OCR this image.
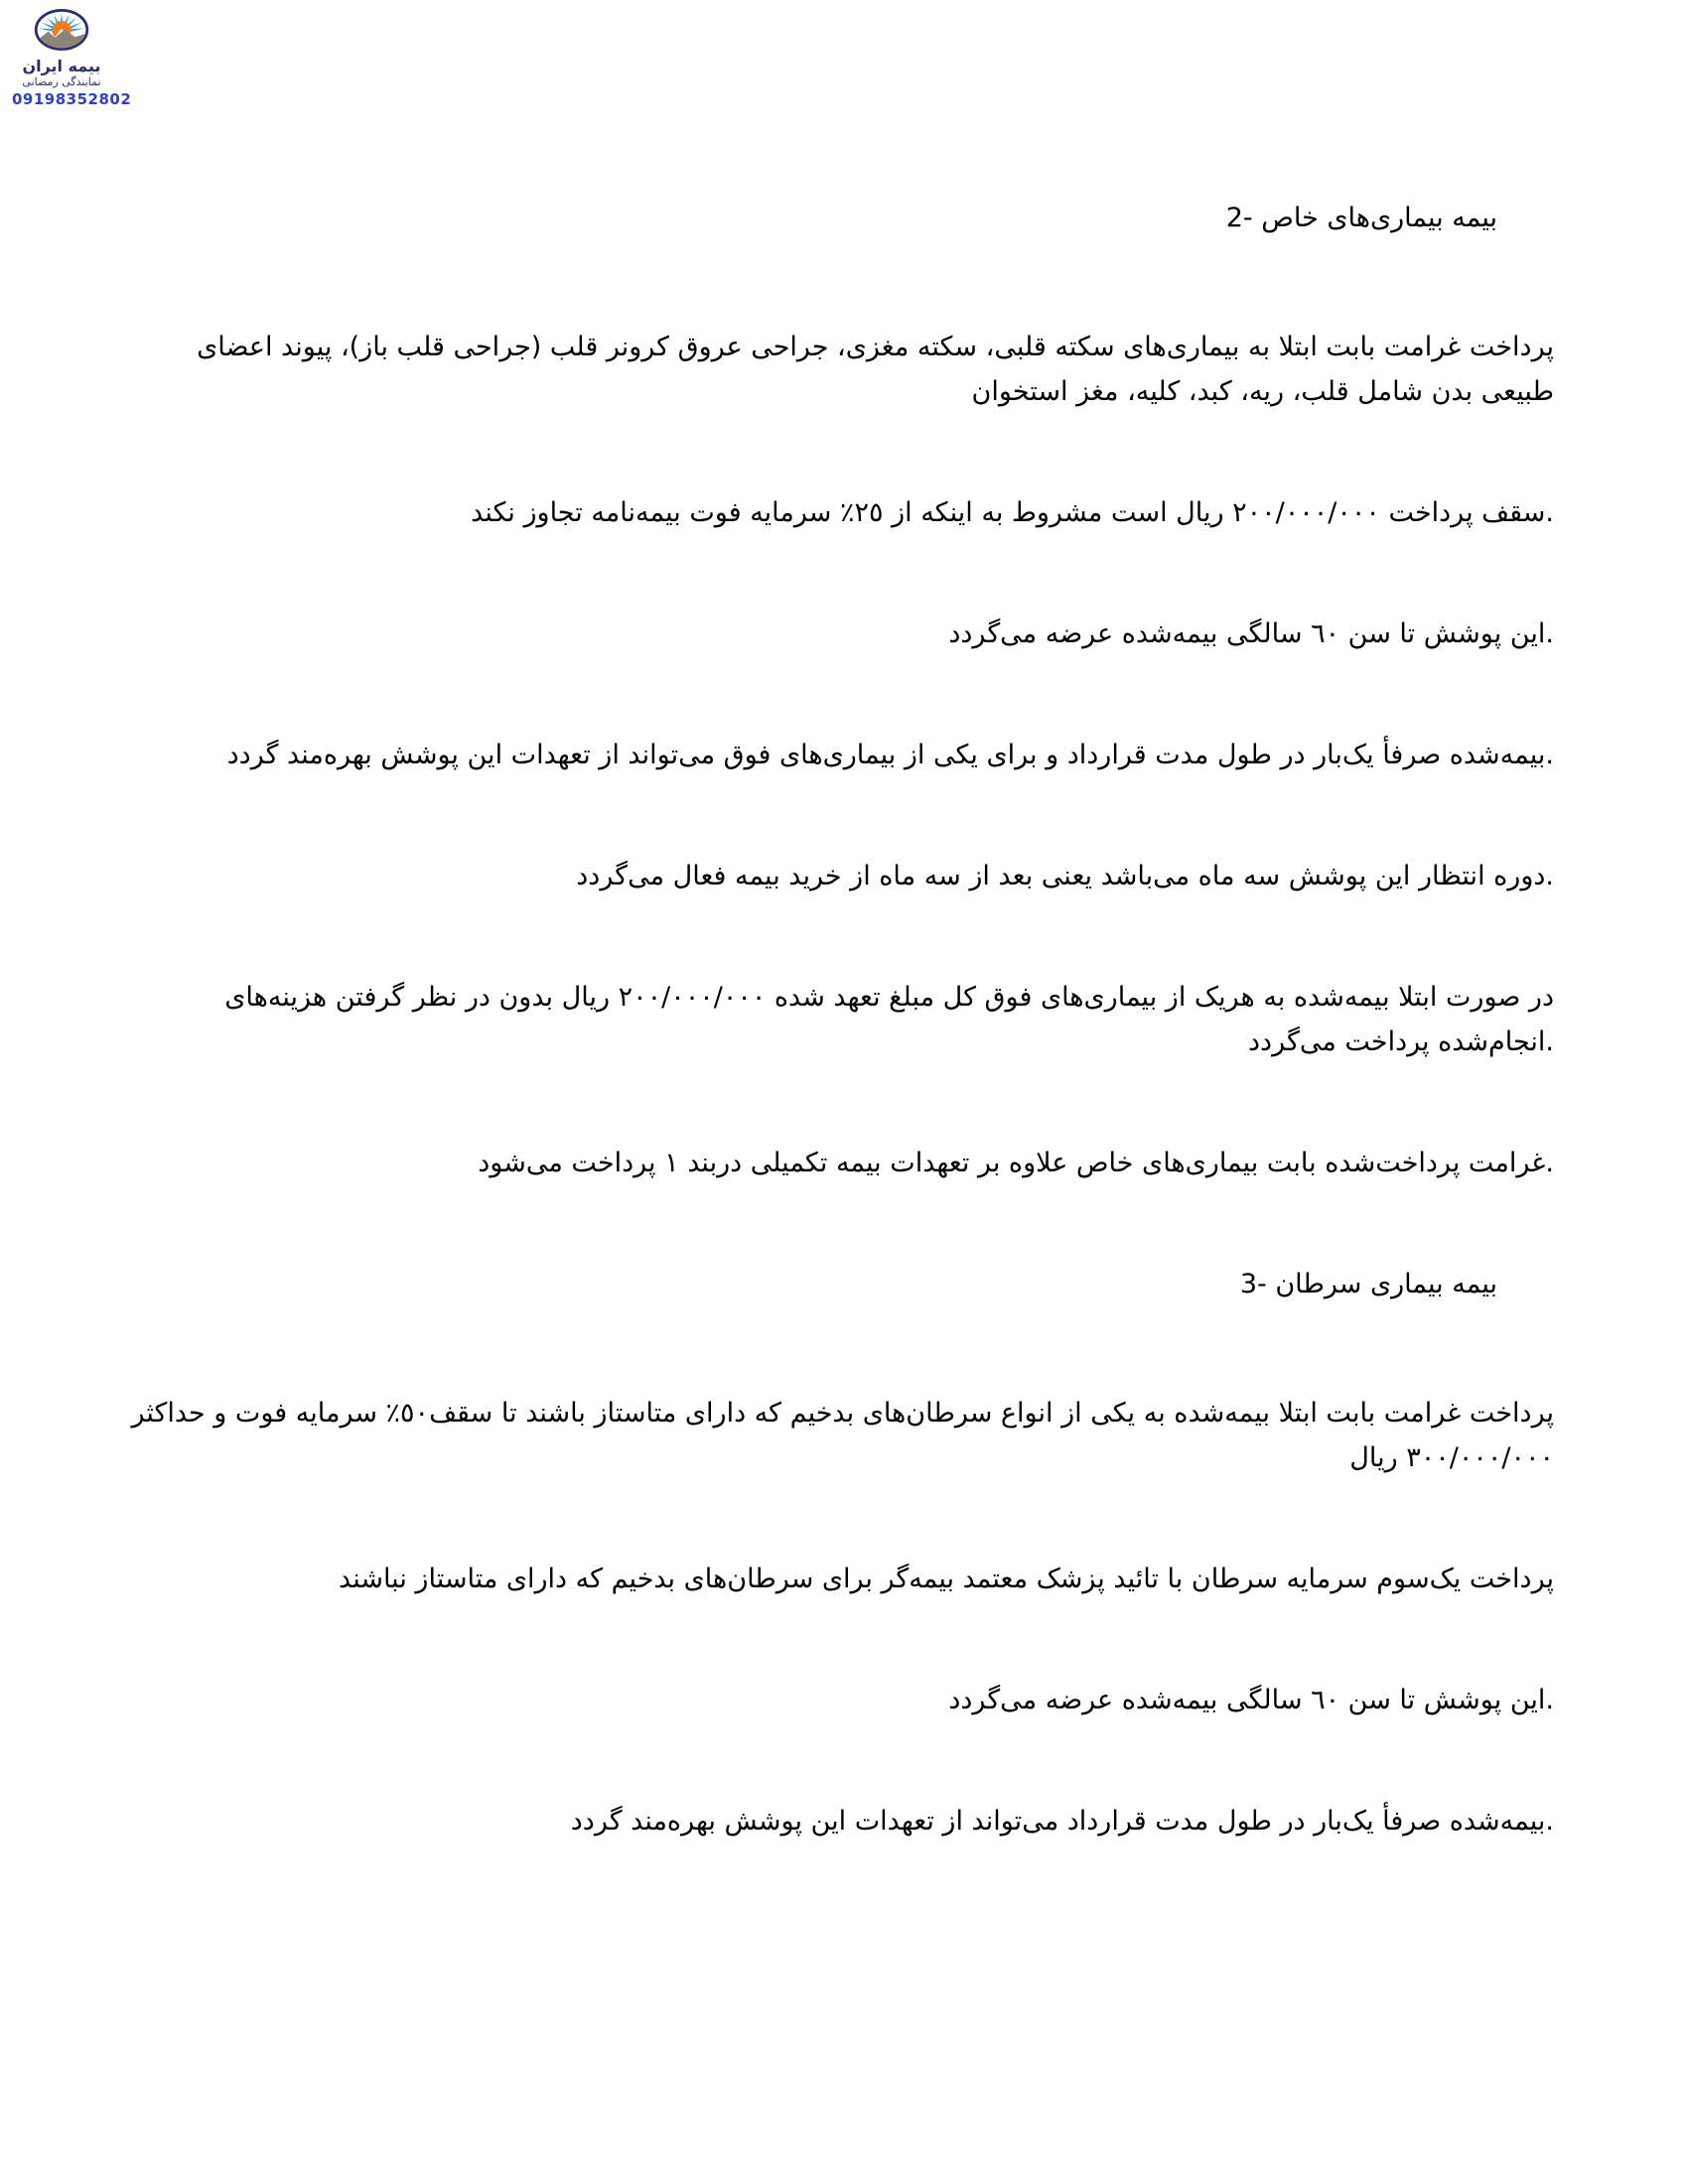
بیمه ایران
نمایندگی رمضانی
09198352802
بیمه بیماری‌های خاص -2
پرداخت غرامت بابت ابتلا به بیماری‌های سکته قلبی، سکته مغزی، جراحی عروق کرونر قلب (جراحی قلب باز)، پیوند اعضای
طبیعی بدن شامل قلب، ریه، کبد، کلیه، مغز استخوان
.سقف پرداخت ٢٠٠/٠٠٠/٠٠٠ ریال است مشروط به اینکه از ٢٥٪ سرمایه فوت بیمه‌نامه تجاوز نکند
.این پوشش تا سن ٦٠ سالگی بیمه‌شده عرضه می‌گردد
.بیمه‌شده صرفأ یک‌بار در طول مدت قرارداد و برای یکی از بیماری‌های فوق می‌تواند از تعهدات این پوشش بهره‌مند گردد
.دوره انتظار این پوشش سه ماه می‌باشد یعنی بعد از سه ماه از خرید بیمه فعال می‌گردد
در صورت ابتلا بیمه‌شده به هریک از بیماری‌های فوق کل مبلغ تعهد شده ٢٠٠/٠٠٠/٠٠٠ ریال بدون در نظر گرفتن هزینه‌های
.انجام‌شده پرداخت می‌گردد
.غرامت پرداخت‌شده بابت بیماری‌های خاص علاوه بر تعهدات بیمه تکمیلی دربند ١ پرداخت می‌شود
بیمه بیماری سرطان -3
پرداخت غرامت بابت ابتلا بیمه‌شده به یکی از انواع سرطان‌های بدخیم که دارای متاستاز باشند تا سقف٥٠٪ سرمایه فوت و حداکثر
٣٠٠/٠٠٠/٠٠٠ ریال
پرداخت یک‌سوم سرمایه سرطان با تائید پزشک معتمد بیمه‌گر برای سرطان‌های بدخیم که دارای متاستاز نباشند
.این پوشش تا سن ٦٠ سالگی بیمه‌شده عرضه می‌گردد
.بیمه‌شده صرفأ یک‌بار در طول مدت قرارداد می‌تواند از تعهدات این پوشش بهره‌مند گردد
